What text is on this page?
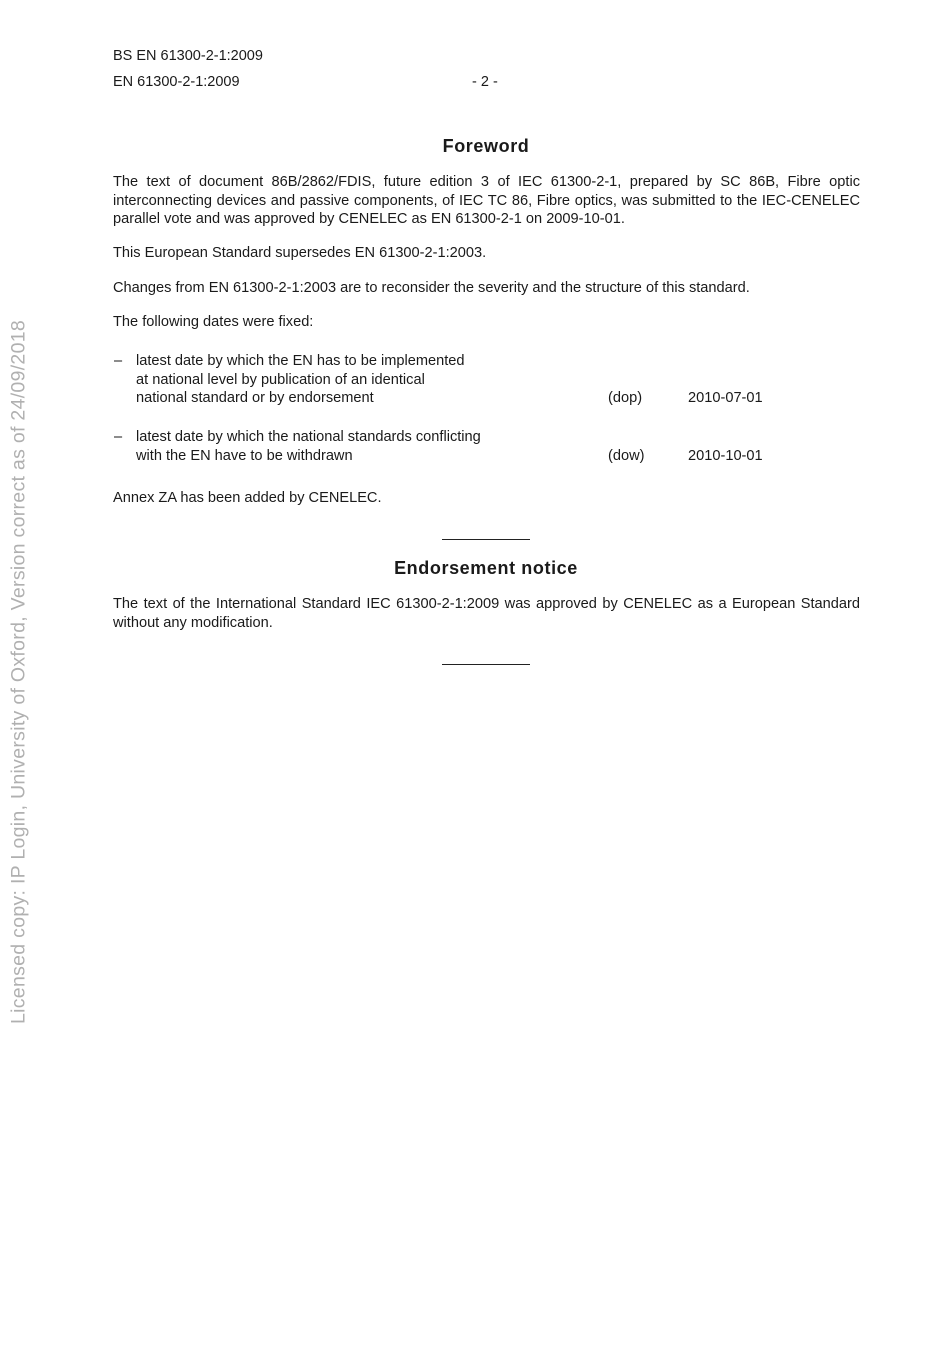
BS EN 61300-2-1:2009
EN 61300-2-1:2009	- 2 -
Foreword

The text of document 86B/2862/FDIS, future edition 3 of IEC 61300-2-1, prepared by SC 86B, Fibre optic interconnecting devices and passive components, of IEC TC 86, Fibre optics, was submitted to the IEC-CENELEC parallel vote and was approved by CENELEC as EN 61300-2-1 on 2009-10-01.

This European Standard supersedes EN 61300-2-1:2003.

Changes from EN 61300-2-1:2003 are to reconsider the severity and the structure of this standard.

The following dates were fixed:

– latest date by which the EN has to be implemented
at national level by publication of an identical
national standard or by endorsement	(dop)	2010-07-01
– latest date by which the national standards conflicting
with the EN have to be withdrawn	(dow)	2010-10-01

Annex ZA has been added by CENELEC.

Endorsement notice

The text of the International Standard IEC 61300-2-1:2009 was approved by CENELEC as a European Standard without any modification.

Licensed copy: IP Login, University of Oxford, Version correct as of 24/09/2018
